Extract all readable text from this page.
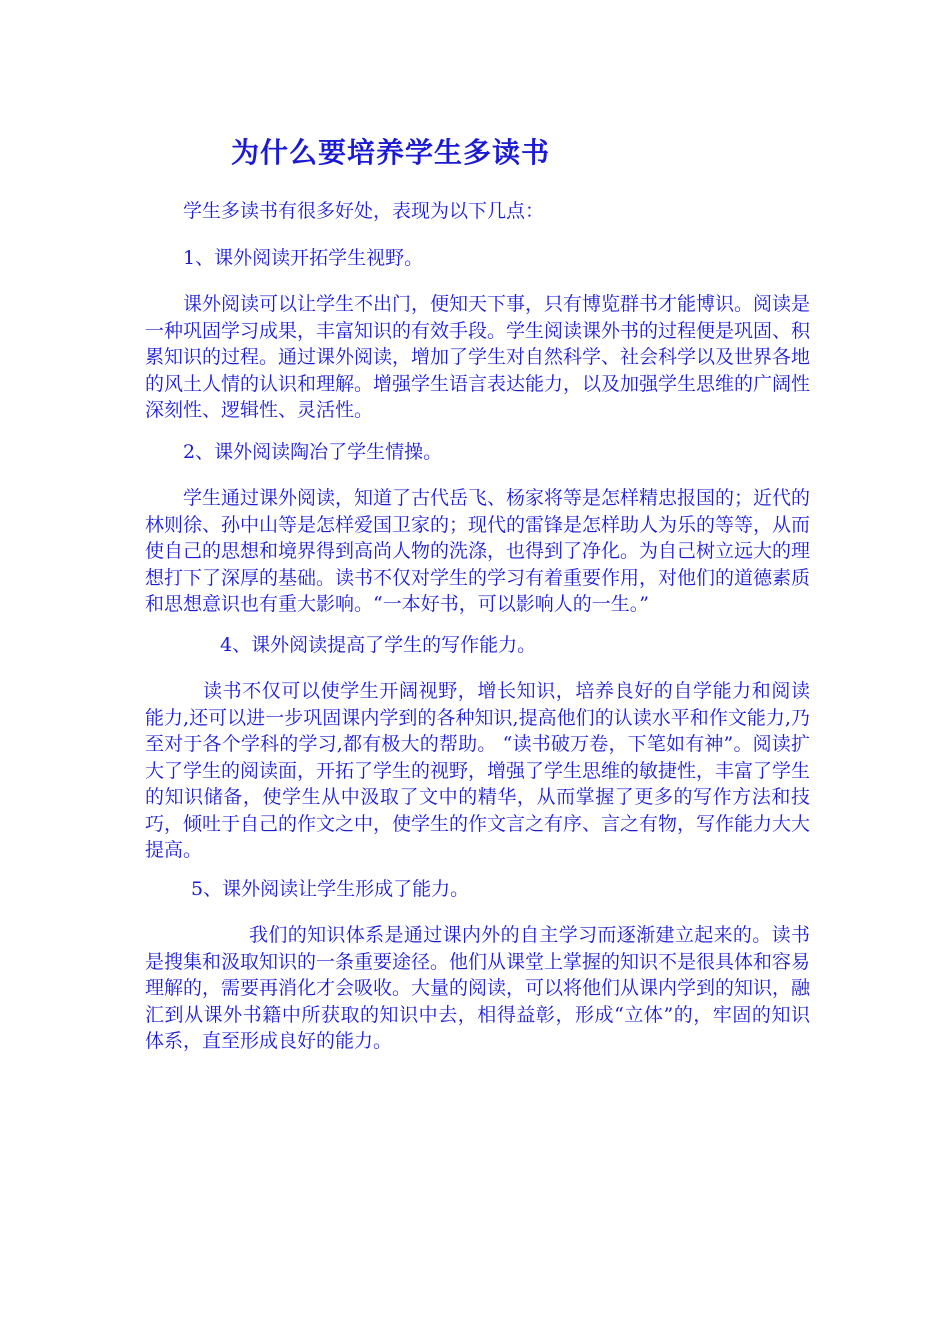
为什么要培养学生多读书
学生多读书有很多好处，表现为以下几点：
1、课外阅读开拓学生视野。

课外阅读可以让学生不出门，便知天下事，只有博览群书才能博识。阅读是一种巩固学习成果，丰富知识的有效手段。学生阅读课外书的过程便是巩固、积累知识的过程。通过课外阅读，增加了学生对自然科学、社会科学以及世界各地的风土人情的认识和理解。增强学生语言表达能力，以及加强学生思维的广阔性深刻性、逻辑性、灵活性。

2、课外阅读陶冶了学生情操。

学生通过课外阅读，知道了古代岳飞、杨家将等是怎样精忠报国的；近代的林则徐、孙中山等是怎样爱国卫家的；现代的雷锋是怎样助人为乐的等等，从而使自己的思想和境界得到高尚人物的洗涤，也得到了净化。为自己树立远大的理想打下了深厚的基础。读书不仅对学生的学习有着重要作用，对他们的道德素质和思想意识也有重大影响。“一本好书，可以影响人的一生。”

4、课外阅读提高了学生的写作能力。

读书不仅可以使学生开阔视野，增长知识，培养良好的自学能力和阅读能力,还可以进一步巩固课内学到的各种知识,提高他们的认读水平和作文能力,乃至对于各个学科的学习,都有极大的帮助。 “读书破万卷，下笔如有神”。阅读扩大了学生的阅读面，开拓了学生的视野，增强了学生思维的敏捷性，丰富了学生的知识储备，使学生从中汲取了文中的精华，从而掌握了更多的写作方法和技巧，倾吐于自己的作文之中，使学生的作文言之有序、言之有物，写作能力大大提高。

5、课外阅读让学生形成了能力。

我们的知识体系是通过课内外的自主学习而逐渐建立起来的。读书是搜集和汲取知识的一条重要途径。他们从课堂上掌握的知识不是很具体和容易理解的，需要再消化才会吸收。大量的阅读，可以将他们从课内学到的知识，融汇到从课外书籍中所获取的知识中去，相得益彰，形成“立体”的，牢固的知识体系，直至形成良好的能力。
